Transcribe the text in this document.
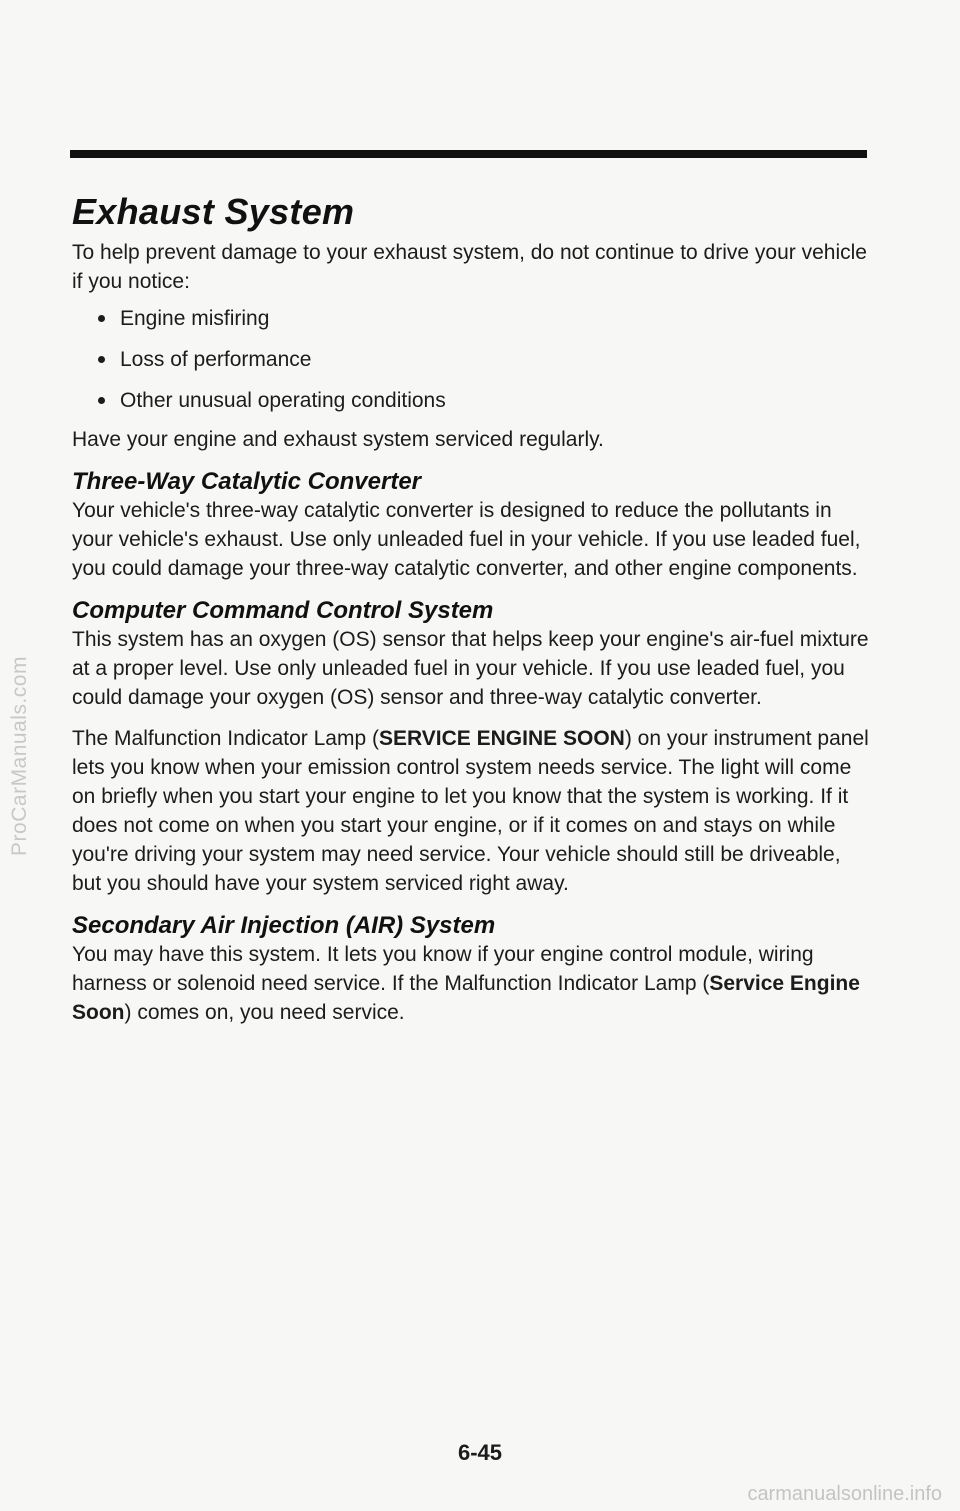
ProCarManuals.com
Exhaust System

To help prevent damage to your exhaust system, do not continue to drive your vehicle if you notice:

Engine misfiring
Loss of performance
Other unusual operating conditions

Have your engine and exhaust system serviced regularly.

Three-Way Catalytic Converter

Your vehicle's three-way catalytic converter is designed to reduce the pollutants in your vehicle's exhaust. Use only unleaded fuel in your vehicle. If you use leaded fuel, you could damage your three-way catalytic converter, and other engine components.

Computer Command Control System

This system has an oxygen (OS) sensor that helps keep your engine's air-fuel mixture at a proper level. Use only unleaded fuel in your vehicle. If you use leaded fuel, you could damage your oxygen (OS) sensor and three-way catalytic converter.

The Malfunction Indicator Lamp (SERVICE ENGINE SOON) on your instrument panel lets you know when your emission control system needs service. The light will come on briefly when you start your engine to let you know that the system is working. If it does not come on when you start your engine, or if it comes on and stays on while you're driving your system may need service. Your vehicle should still be driveable, but you should have your system serviced right away.

Secondary Air Injection (AIR) System

You may have this system. It lets you know if your engine control module, wiring harness or solenoid need service. If the Malfunction Indicator Lamp (Service Engine Soon) comes on, you need service.

6-45
carmanualsonline.info
